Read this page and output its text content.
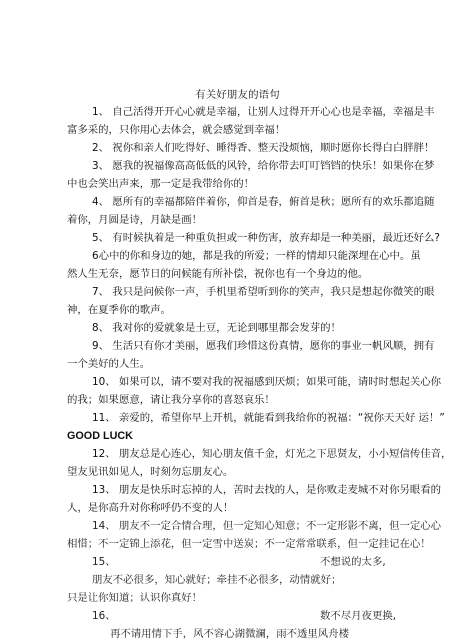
有关好朋友的语句
1、 自己活得开开心心就是幸福，让别人过得开开心心也是幸福，幸福是丰
富多采的，只你用心去体会，就会感觉到幸福！
2、 祝你和亲人们吃得好、睡得香、整天没烦恼，顺时愿你长得白白胖胖！
3、 愿我的祝福像高高低低的风铃，给你带去叮叮铛铛的快乐！如果你在梦
中也会笑出声来，那一定是我带给你的！
4、 愿所有的幸福都陪伴着你，仰首是春，俯首是秋；愿所有的欢乐都追随
着你，月圆是诗，月缺是画！
5、 有时候执着是一种重负担或一种伤害，放弃却是一种美丽，最近还好么?
6心中的你和身边的她，都是我的所爱；一样的情却只能深埋在心中。虽
然人生无奈，愿节日的问候能有所补偿，祝你也有一个身边的他。
7、 我只是问候你一声，手机里希望听到你的笑声，我只是想起你微笑的眼
神，在夏季你的歌声。
8、 我对你的爱就象是土豆，无论到哪里都会发芽的！
9、 生活只有你才美丽，愿我们珍惜这份真情，愿你的事业一帆风顺，拥有
一个美好的人生。
10、 如果可以，请不要对我的祝福感到厌烦；如果可能，请时时想起关心你
的我；如果愿意，请让我分享你的喜怒哀乐！
11、 亲爱的，希望你早上开机，就能看到我给你的祝福：“祝你天天好 运！”
GOOD LUCK
12、 朋友总是心连心，知心朋友值千金，灯光之下思贤友，小小短信传佳音，
望友见讯如见人，时刻勿忘朋友心。
13、 朋友是快乐时忘掉的人，苦时去找的人，是你败走麦城不对你另眼看的
人，是你高升对你称呼仍不变的人！
14、 朋友不一定合情合理，但一定知心知意；不一定形影不离，但一定心心
相惜；不一定锦上添花，但一定雪中送炭；不一定常常联系，但一定挂记在心！
15、	不想说的太多,
朋友不必很多，知心就好；牵挂不必很多，动情就好；
只是让你知道；认识你真好！
16、	数不尽月夜更换,
再不请用情下手，风不容心湖微澜，雨不透里风舟楼
